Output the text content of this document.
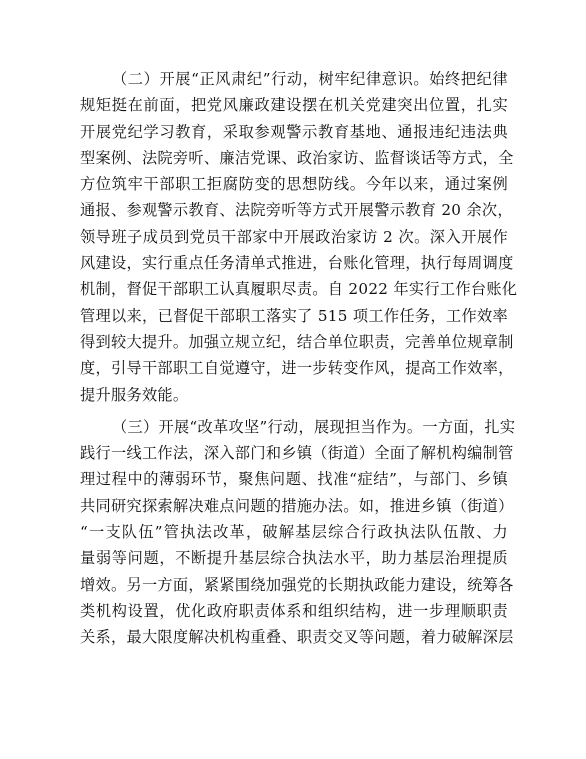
（二）开展“正风肃纪”行动，树牢纪律意识。始终把纪律
规矩挺在前面，把党风廉政建设摆在机关党建突出位置，扎实
开展党纪学习教育，采取参观警示教育基地、通报违纪违法典
型案例、法院旁听、廉洁党课、政治家访、监督谈话等方式，全
方位筑牢干部职工拒腐防变的思想防线。今年以来，通过案例
通报、参观警示教育、法院旁听等方式开展警示教育 20 余次，
领导班子成员到党员干部家中开展政治家访 2 次。深入开展作
风建设，实行重点任务清单式推进，台账化管理，执行每周调度
机制，督促干部职工认真履职尽责。自 2022 年实行工作台账化
管理以来，已督促干部职工落实了 515 项工作任务，工作效率
得到较大提升。加强立规立纪，结合单位职责，完善单位规章制
度，引导干部职工自觉遵守，进一步转变作风，提高工作效率，
提升服务效能。
（三）开展“改革攻坚”行动，展现担当作为。一方面，扎实
践行一线工作法，深入部门和乡镇（街道）全面了解机构编制管
理过程中的薄弱环节，聚焦问题、找准“症结”，与部门、乡镇
共同研究探索解决难点问题的措施办法。如，推进乡镇（街道）
“一支队伍”管执法改革，破解基层综合行政执法队伍散、力
量弱等问题，不断提升基层综合执法水平，助力基层治理提质
增效。另一方面，紧紧围绕加强党的长期执政能力建设，统筹各
类机构设置，优化政府职责体系和组织结构，进一步理顺职责
关系，最大限度解决机构重叠、职责交叉等问题，着力破解深层
